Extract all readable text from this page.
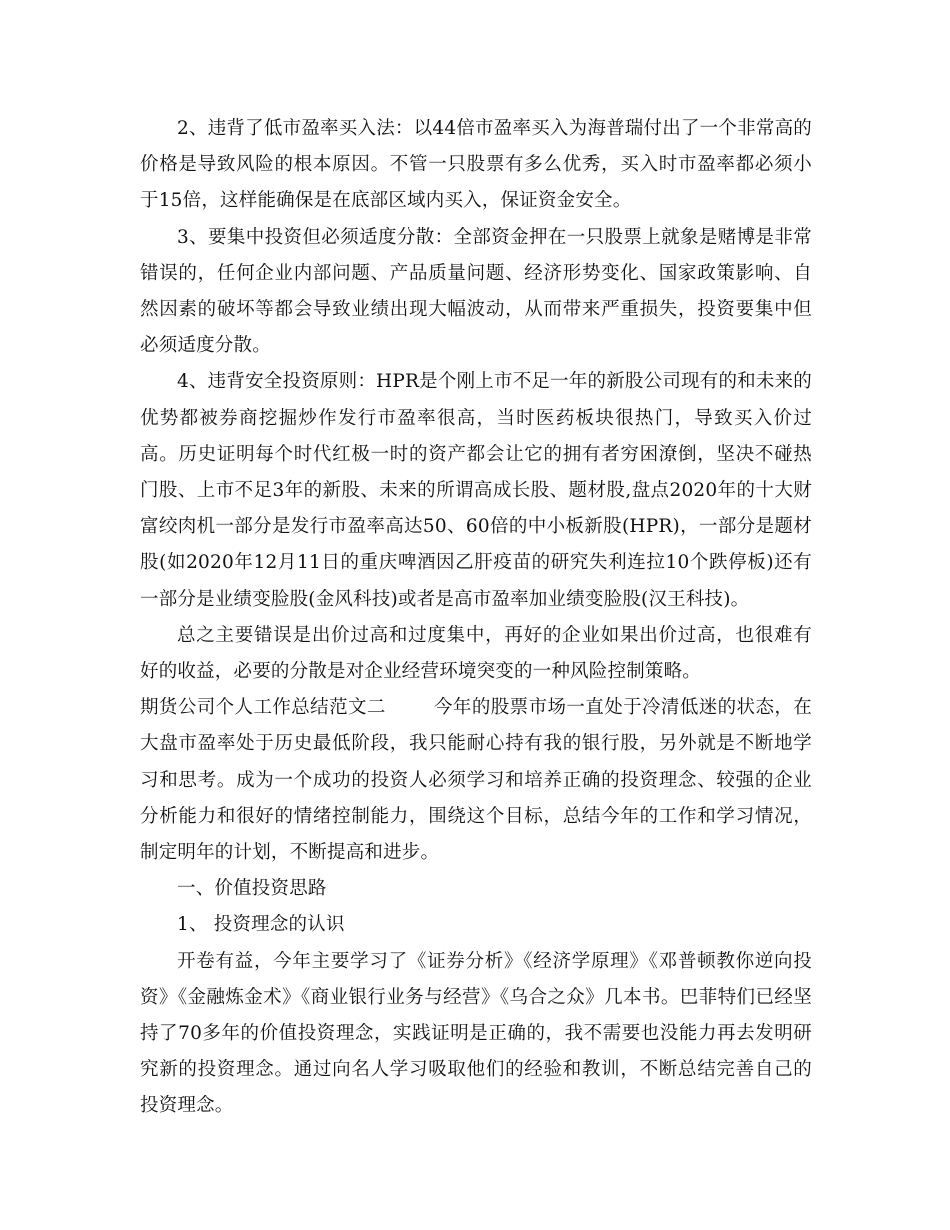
2、违背了低市盈率买入法：以44倍市盈率买入为海普瑞付出了一个非常高的价格是导致风险的根本原因。不管一只股票有多么优秀，买入时市盈率都必须小于15倍，这样能确保是在底部区域内买入，保证资金安全。

3、要集中投资但必须适度分散：全部资金押在一只股票上就象是赌博是非常错误的，任何企业内部问题、产品质量问题、经济形势变化、国家政策影响、自然因素的破坏等都会导致业绩出现大幅波动，从而带来严重损失，投资要集中但必须适度分散。

4、违背安全投资原则：HPR是个刚上市不足一年的新股公司现有的和未来的优势都被券商挖掘炒作发行市盈率很高，当时医药板块很热门，导致买入价过高。历史证明每个时代红极一时的资产都会让它的拥有者穷困潦倒，坚决不碰热门股、上市不足3年的新股、未来的所谓高成长股、题材股,盘点2020年的十大财富绞肉机一部分是发行市盈率高达50、60倍的中小板新股(HPR)，一部分是题材股(如2020年12月11日的重庆啤酒因乙肝疫苗的研究失利连拉10个跌停板)还有一部分是业绩变脸股(金风科技)或者是高市盈率加业绩变脸股(汉王科技)。

总之主要错误是出价过高和过度集中，再好的企业如果出价过高，也很难有好的收益，必要的分散是对企业经营环境突变的一种风险控制策略。

期货公司个人工作总结范文二	今年的股票市场一直处于冷清低迷的状态，在大盘市盈率处于历史最低阶段，我只能耐心持有我的银行股，另外就是不断地学习和思考。成为一个成功的投资人必须学习和培养正确的投资理念、较强的企业分析能力和很好的情绪控制能力，围绕这个目标，总结今年的工作和学习情况，制定明年的计划，不断提高和进步。

一、价值投资思路

1、 投资理念的认识

开卷有益，今年主要学习了《证券分析》《经济学原理》《邓普顿教你逆向投资》《金融炼金术》《商业银行业务与经营》《乌合之众》几本书。巴菲特们已经坚持了70多年的价值投资理念，实践证明是正确的，我不需要也没能力再去发明研究新的投资理念。通过向名人学习吸取他们的经验和教训，不断总结完善自己的投资理念。
